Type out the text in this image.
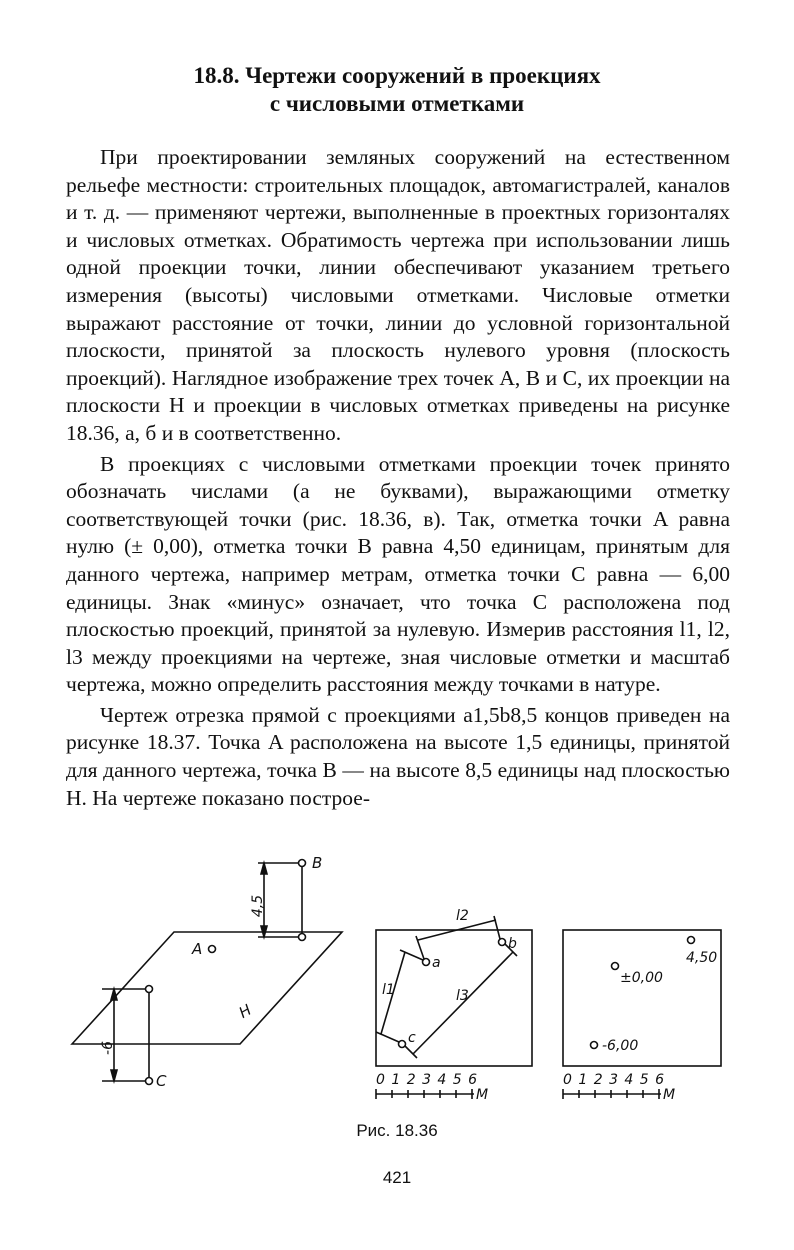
18.8. Чертежи сооружений в проекциях
с числовыми отметками

При проектировании земляных сооружений на естественном рельефе местности: строительных площадок, автомагистралей, каналов и т. д. — применяют чертежи, выполненные в проектных горизонталях и числовых отметках. Обратимость чертежа при использовании лишь одной проекции точки, линии обеспечивают указанием третьего измерения (высоты) числовыми отметками. Числовые отметки выражают расстояние от точки, линии до условной горизонтальной плоскости, принятой за плоскость нулевого уровня (плоскость проекций). Наглядное изображение трех точек A, B и C, их проекции на плоскости H и проекции в числовых отметках приведены на рисунке 18.36, а, б и в соответственно.

В проекциях с числовыми отметками проекции точек принято обозначать числами (а не буквами), выражающими отметку соответствующей точки (рис. 18.36, в). Так, отметка точки A равна нулю (± 0,00), отметка точки B равна 4,50 единицам, принятым для данного чертежа, например метрам, отметка точки C равна — 6,00 единицы. Знак «минус» означает, что точка C расположена под плоскостью проекций, принятой за нулевую. Измерив расстояния l1, l2, l3 между проекциями на чертеже, зная числовые отметки и масштаб чертежа, можно определить расстояния между точками в натуре.

Чертеж отрезка прямой с проекциями a1,5b8,5 концов приведен на рисунке 18.37. Точка A расположена на высоте 1,5 единицы, принятой для данного чертежа, точка B — на высоте 8,5 единицы над плоскостью H. На чертеже показано построе-

4,5
B
A
H
-6
C
a
b
c
l1
l2
l3
0 1 2 3 4 5 6
M
4,50
±0,00
-6,00
0 1 2 3 4 5 6
M
Рис. 18.36
421
